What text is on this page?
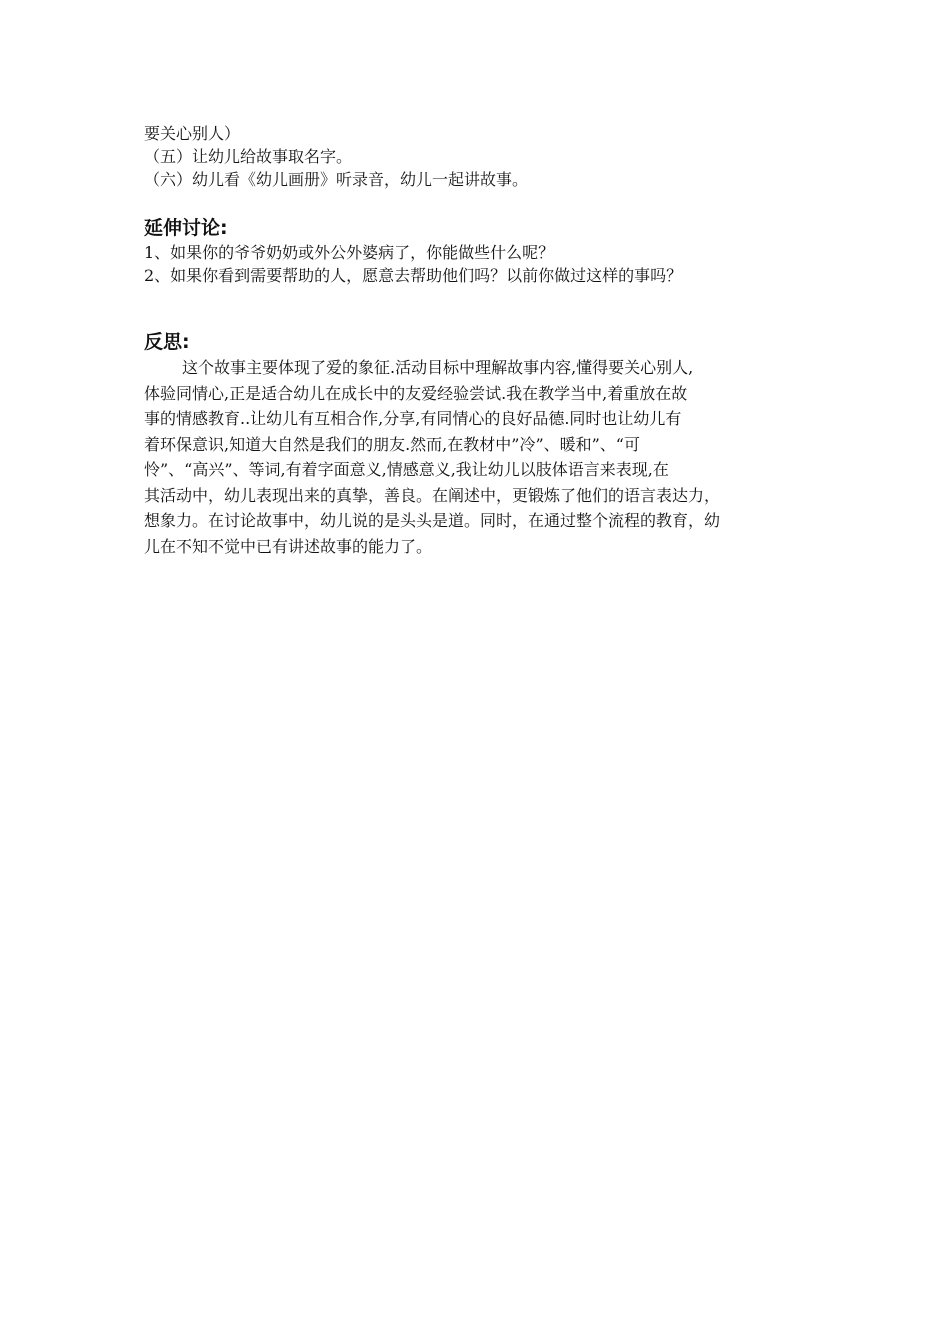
要关心别人）

（五）让幼儿给故事取名字。

（六）幼儿看《幼儿画册》听录音，幼儿一起讲故事。

延伸讨论:

1、如果你的爷爷奶奶或外公外婆病了，你能做些什么呢？

2、如果你看到需要帮助的人，愿意去帮助他们吗？以前你做过这样的事吗？

反思:
这个故事主要体现了爱的象征.活动目标中理解故事内容,懂得要关心别人,
体验同情心,正是适合幼儿在成长中的友爱经验尝试.我在教学当中,着重放在故
事的情感教育..让幼儿有互相合作,分享,有同情心的良好品德.同时也让幼儿有
着环保意识,知道大自然是我们的朋友.然而,在教材中”冷”、暖和”、“可
怜”、“高兴”、等词,有着字面意义,情感意义,我让幼儿以肢体语言来表现,在
其活动中，幼儿表现出来的真挚，善良。在阐述中，更锻炼了他们的语言表达力，
想象力。在讨论故事中，幼儿说的是头头是道。同时，在通过整个流程的教育，幼
儿在不知不觉中已有讲述故事的能力了。
